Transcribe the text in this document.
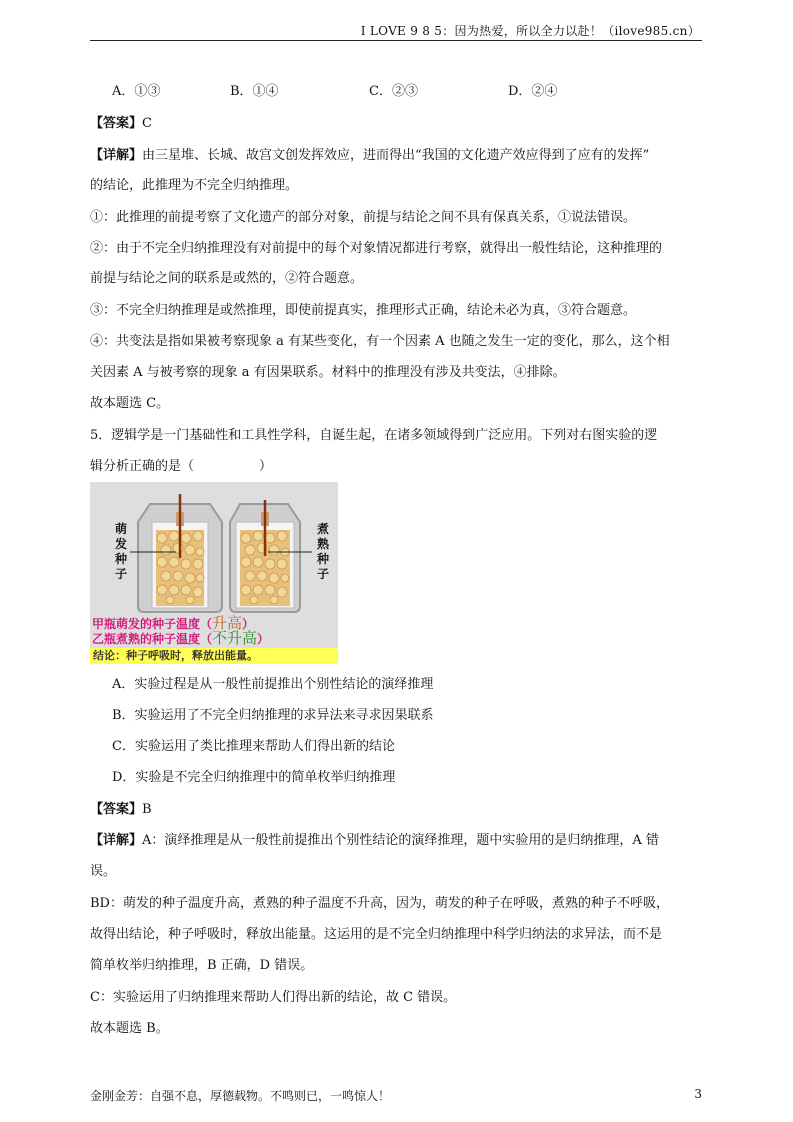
I LOVE 9 8 5：因为热爱，所以全力以赴！（ilove985.cn）
A．①③	B．①④	C．②③	D．②④
【答案】C
【详解】由三星堆、长城、故宫文创发挥效应，进而得出“我国的文化遗产效应得到了应有的发挥”
的结论，此推理为不完全归纳推理。
①：此推理的前提考察了文化遗产的部分对象，前提与结论之间不具有保真关系，①说法错误。
②：由于不完全归纳推理没有对前提中的每个对象情况都进行考察，就得出一般性结论，这种推理的
前提与结论之间的联系是或然的，②符合题意。
③：不完全归纳推理是或然推理，即使前提真实，推理形式正确，结论未必为真，③符合题意。
④：共变法是指如果被考察现象 a 有某些变化，有一个因素 A 也随之发生一定的变化，那么，这个相
关因素 A 与被考察的现象 a 有因果联系。材料中的推理没有涉及共变法，④排除。
故本题选 C。
5．逻辑学是一门基础性和工具性学科，自诞生起，在诸多领域得到广泛应用。下列对右图实验的逻
辑分析正确的是（　　　　　）
萌发种子
煮熟种子
甲瓶萌发的种子温度（升高）
乙瓶煮熟的种子温度（不升高）
结论：种子呼吸时，释放出能量。
A．实验过程是从一般性前提推出个别性结论的演绎推理
B．实验运用了不完全归纳推理的求异法来寻求因果联系
C．实验运用了类比推理来帮助人们得出新的结论
D．实验是不完全归纳推理中的简单枚举归纳推理
【答案】B
【详解】A：演绎推理是从一般性前提推出个别性结论的演绎推理，题中实验用的是归纳推理，A 错
误。
BD：萌发的种子温度升高，煮熟的种子温度不升高，因为，萌发的种子在呼吸，煮熟的种子不呼吸，
故得出结论，种子呼吸时，释放出能量。这运用的是不完全归纳推理中科学归纳法的求异法，而不是
简单枚举归纳推理，B 正确，D 错误。
C：实验运用了归纳推理来帮助人们得出新的结论，故 C 错误。
故本题选 B。
金刚金芳：自强不息，厚德载物。不鸣则已，一鸣惊人！	3
